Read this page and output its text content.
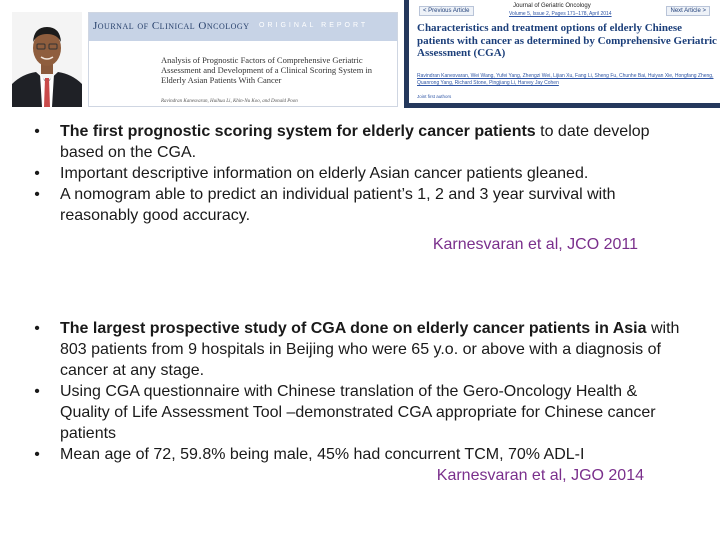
Journal of Clinical Oncology ORIGINAL REPORT
Analysis of Prognostic Factors of Comprehensive Geriatric Assessment and Development of a Clinical Scoring System in Elderly Asian Patients With Cancer
Ravindran Kanesvaran, Huihua Li, Khin-Nu Koo, and Donald Poon
< Previous Article
Journal of Geriatric Oncology
Volume 5, Issue 2, Pages 171–178, April 2014	Next Article >
Characteristics and treatment options of elderly Chinese patients with cancer as determined by Comprehensive Geriatric Assessment (CGA)
Ravindran Kanesvaran, Wei Wang, Yufei Yang, Zhengzi Wei, Lijian Xu, Fang Li, Sheng Fu, Chunhe Bai, Huiyan Xie, Hongfang Zheng, Quanrong Yang, Richard Stone, Pingjiang Li, Harvey Jay Cohen
Joint first authors
• The first prognostic scoring system for elderly cancer patients to date develop based on the CGA.
• Important descriptive information on elderly Asian cancer patients gleaned.
• A nomogram able to predict an individual patient’s 1, 2 and 3 year survival with reasonably good accuracy.
Karnesvaran et al, JCO 2011
• The largest prospective study of CGA done on elderly cancer patients in Asia with 803 patients from 9 hospitals in Beijing who were 65 y.o. or above with a diagnosis of cancer at any stage.
• Using CGA questionnaire with Chinese translation of the Gero-Oncology Health & Quality of Life Assessment Tool –demonstrated CGA appropriate for Chinese cancer patients
• Mean age of 72, 59.8% being male, 45% had concurrent TCM, 70% ADL-I
Karnesvaran et al, JGO 2014
